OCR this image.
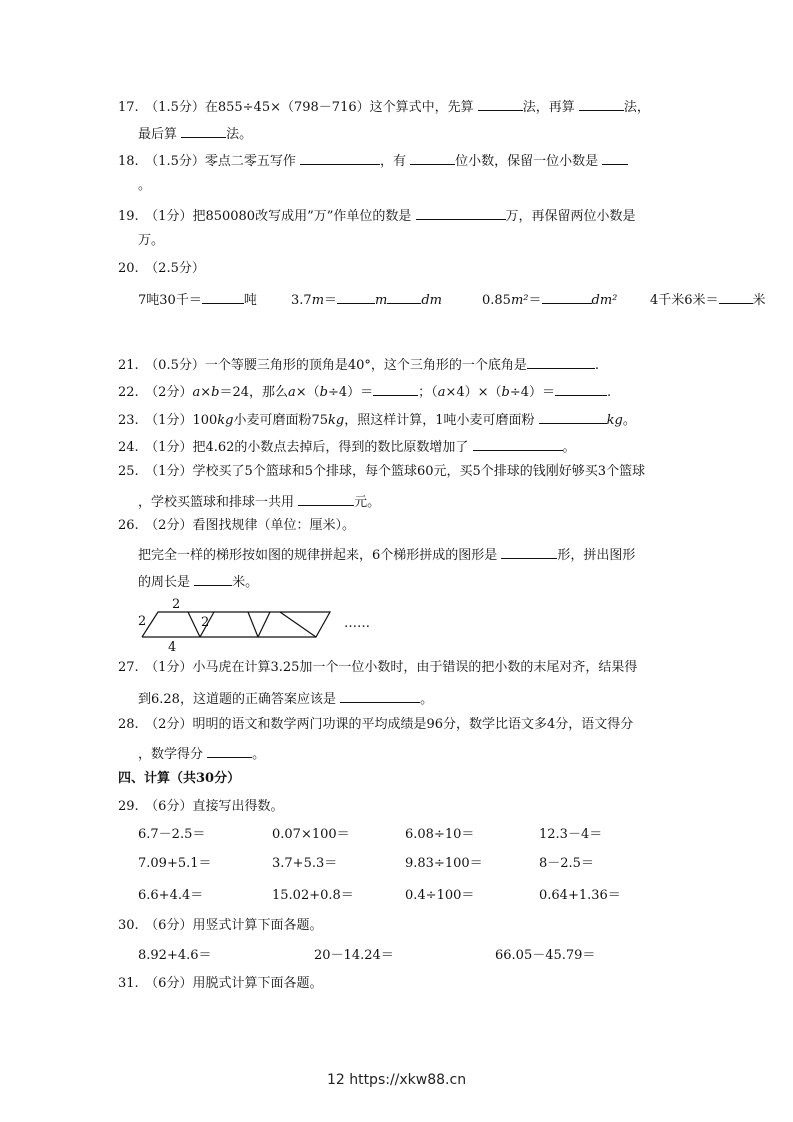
17.　（1.5分）在855÷45×（798－716）这个算式中，先算	法，再算	法，
最后算	法。
18.　（1.5分）零点二零五写作	，有	位小数，保留一位小数是
。
19.　（1分）把850080改写成用”万”作单位的数是	万，再保留两位小数是
万。
20.　（2.5分）
7吨30千＝	吨	3.7m＝	m	dm	0.85m²＝	dm²	4千米6米＝	米
21.　（0.5分）一个等腰三角形的顶角是40°，这个三角形的一个底角是	.
22.　（2分）a×b＝24，那么a×（b÷4）＝	；（a×4）×（b÷4）＝	.
23.　（1分）100kg小麦可磨面粉75kg，照这样计算，1吨小麦可磨面粉	kg。
24.　（1分）把4.62的小数点去掉后，得到的数比原数增加了	。
25.　（1分）学校买了5个篮球和5个排球，每个篮球60元，买5个排球的钱刚好够买3个篮球
，学校买篮球和排球一共用	元。
26.　（2分）看图找规律（单位：厘米）。
把完全一样的梯形按如图的规律拼起来，6个梯形拼成的图形是	形，拼出图形
的周长是	米。
2
2	2
4
……
27.　（1分）小马虎在计算3.25加一个一位小数时，由于错误的把小数的末尾对齐，结果得
到6.28，这道题的正确答案应该是	。
28.　（2分）明明的语文和数学两门功课的平均成绩是96分，数学比语文多4分，语文得分
，数学得分	。
四、计算（共30分）
29.　（6分）直接写出得数。
6.7－2.5＝	0.07×100＝	6.08÷10＝	12.3－4＝
7.09+5.1＝	3.7+5.3＝	9.83÷100＝	8－2.5＝
6.6+4.4＝	15.02+0.8＝	0.4÷100＝	0.64+1.36＝
30.　（6分）用竖式计算下面各题。
8.92+4.6＝	20－14.24＝	66.05－45.79＝
31.　（6分）用脱式计算下面各题。
12 https://xkw88.cn
